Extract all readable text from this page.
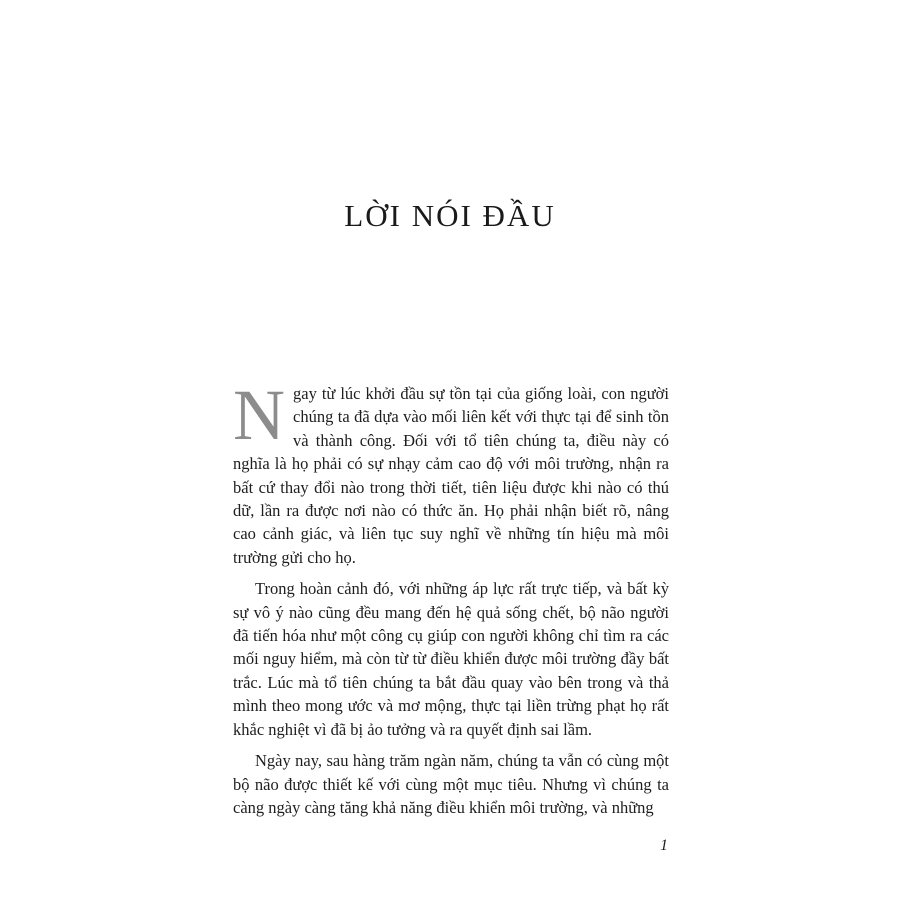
LỜI NÓI ĐẦU

Ngay từ lúc khởi đầu sự tồn tại của giống loài, con người chúng ta đã dựa vào mối liên kết với thực tại để sinh tồn và thành công. Đối với tổ tiên chúng ta, điều này có nghĩa là họ phải có sự nhạy cảm cao độ với môi trường, nhận ra bất cứ thay đổi nào trong thời tiết, tiên liệu được khi nào có thú dữ, lần ra được nơi nào có thức ăn. Họ phải nhận biết rõ, nâng cao cảnh giác, và liên tục suy nghĩ về những tín hiệu mà môi trường gửi cho họ.

Trong hoàn cảnh đó, với những áp lực rất trực tiếp, và bất kỳ sự vô ý nào cũng đều mang đến hệ quả sống chết, bộ não người đã tiến hóa như một công cụ giúp con người không chỉ tìm ra các mối nguy hiểm, mà còn từ từ điều khiển được môi trường đầy bất trắc. Lúc mà tổ tiên chúng ta bắt đầu quay vào bên trong và thả mình theo mong ước và mơ mộng, thực tại liền trừng phạt họ rất khắc nghiệt vì đã bị ảo tưởng và ra quyết định sai lầm.

Ngày nay, sau hàng trăm ngàn năm, chúng ta vẫn có cùng một bộ não được thiết kế với cùng một mục tiêu. Nhưng vì chúng ta càng ngày càng tăng khả năng điều khiển môi trường, và những

1
